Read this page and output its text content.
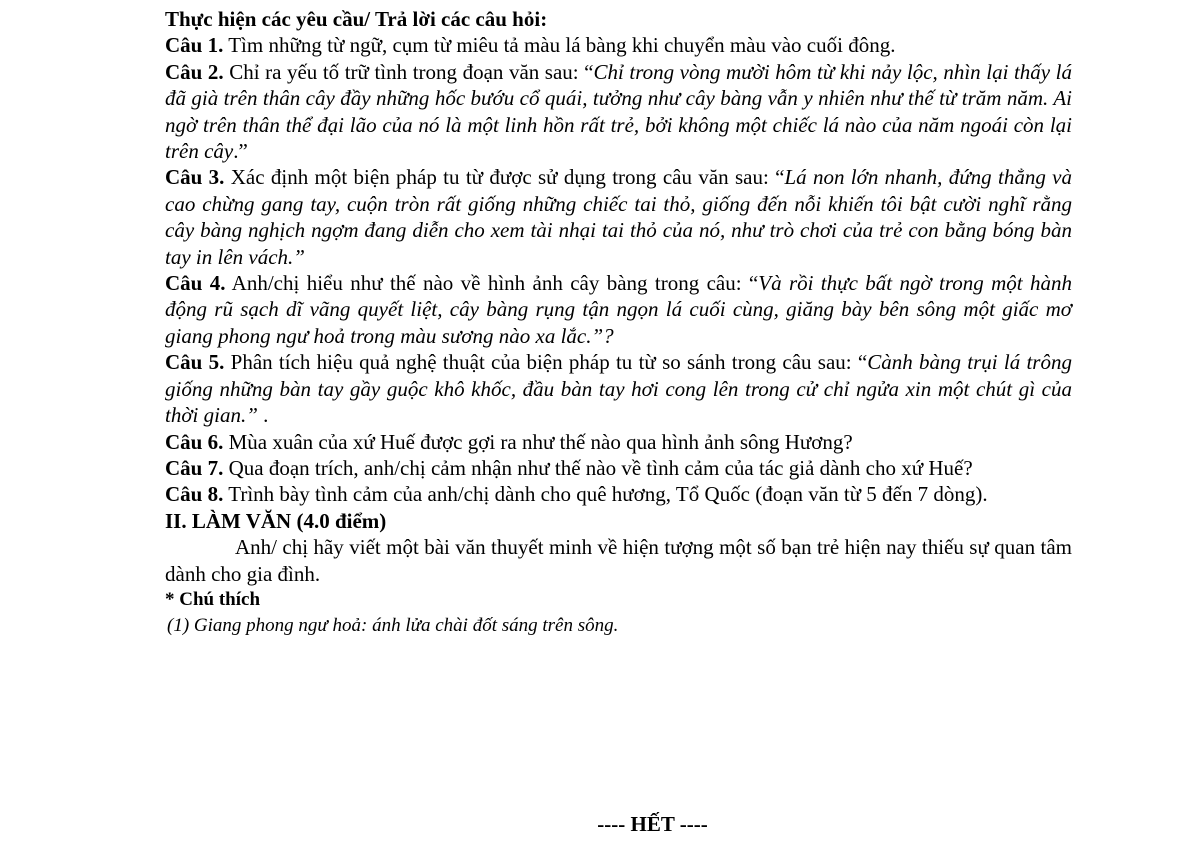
Thực hiện các yêu cầu/ Trả lời các câu hỏi:

Câu 1. Tìm những từ ngữ, cụm từ miêu tả màu lá bàng khi chuyển màu vào cuối đông.

Câu 2. Chỉ ra yếu tố trữ tình trong đoạn văn sau: “Chỉ trong vòng mười hôm từ khi nảy lộc, nhìn lại thấy lá đã già trên thân cây đầy những hốc bướu cổ quái, tưởng như cây bàng vẫn y nhiên như thế từ trăm năm. Ai ngờ trên thân thể đại lão của nó là một linh hồn rất trẻ, bởi không một chiếc lá nào của năm ngoái còn lại trên cây.”

Câu 3. Xác định một biện pháp tu từ được sử dụng trong câu văn sau: “Lá non lớn nhanh, đứng thẳng và cao chừng gang tay, cuộn tròn rất giống những chiếc tai thỏ, giống đến nỗi khiến tôi bật cười nghĩ rằng cây bàng nghịch ngợm đang diễn cho xem tài nhại tai thỏ của nó, như trò chơi của trẻ con bằng bóng bàn tay in lên vách.”

Câu 4. Anh/chị hiểu như thế nào về hình ảnh cây bàng trong câu: “Và rồi thực bất ngờ trong một hành động rũ sạch dĩ vãng quyết liệt, cây bàng rụng tận ngọn lá cuối cùng, giăng bày bên sông một giấc mơ giang phong ngư hoả trong màu sương nào xa lắc.”?

Câu 5. Phân tích hiệu quả nghệ thuật của biện pháp tu từ so sánh trong câu sau: “Cành bàng trụi lá trông giống những bàn tay gầy guộc khô khốc, đầu bàn tay hơi cong lên trong cử chỉ ngửa xin một chút gì của thời gian.” .

Câu 6. Mùa xuân của xứ Huế được gợi ra như thế nào qua hình ảnh sông Hương?

Câu 7. Qua đoạn trích, anh/chị cảm nhận như thế nào về tình cảm của tác giả dành cho xứ Huế?

Câu 8. Trình bày tình cảm của anh/chị dành cho quê hương, Tổ Quốc (đoạn văn từ 5 đến 7 dòng).

II. LÀM VĂN (4.0 điểm)

Anh/ chị hãy viết một bài văn thuyết minh về hiện tượng một số bạn trẻ hiện nay thiếu sự quan tâm dành cho gia đình.

* Chú thích

(1) Giang phong ngư hoả: ánh lửa chài đốt sáng trên sông.

---- HẾT ----
